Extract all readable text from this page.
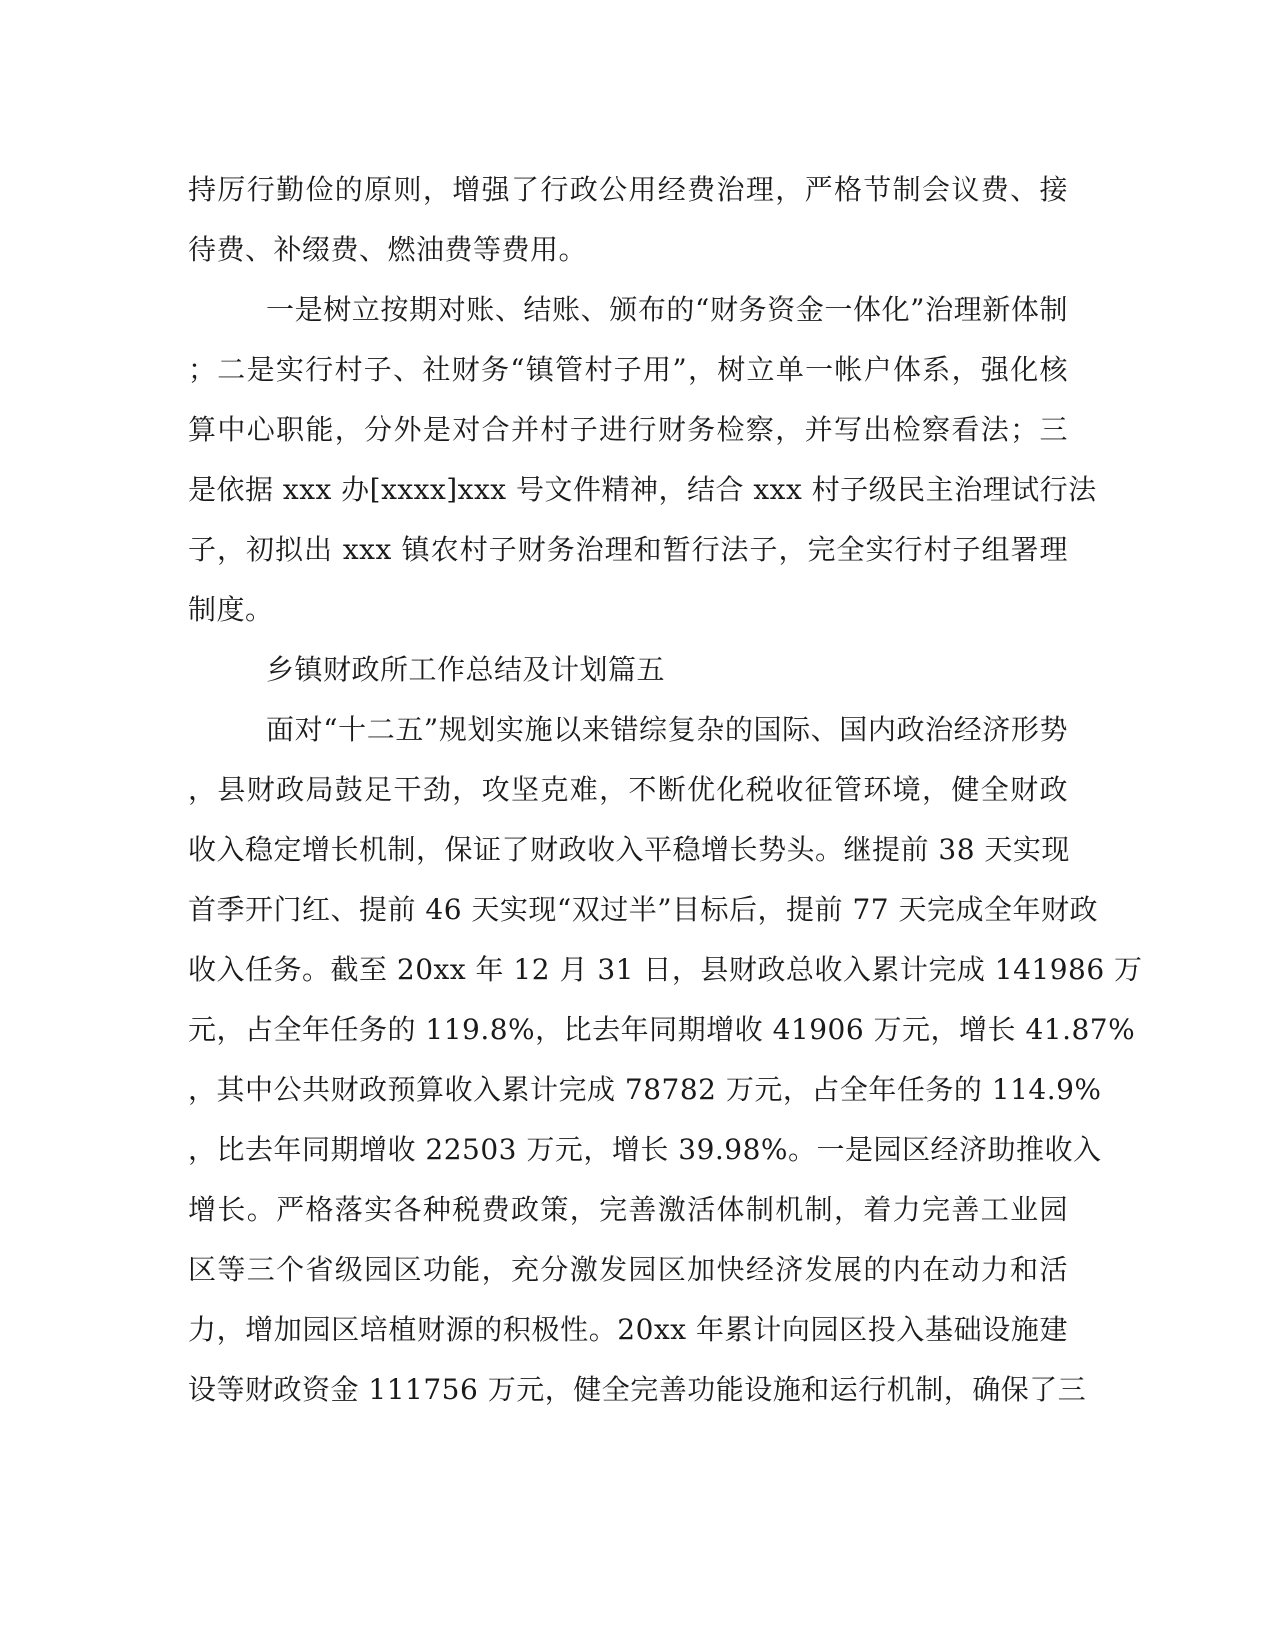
持厉行勤俭的原则，增强了行政公用经费治理，严格节制会议费、接
待费、补缀费、燃油费等费用。
一是树立按期对账、结账、颁布的“财务资金一体化”治理新体制
；二是实行村子、社财务“镇管村子用”，树立单一帐户体系，强化核
算中心职能，分外是对合并村子进行财务检察，并写出检察看法；三
是依据 xxx 办[xxxx]xxx 号文件精神，结合 xxx 村子级民主治理试行法
子，初拟出 xxx 镇农村子财务治理和暂行法子，完全实行村子组署理
制度。
乡镇财政所工作总结及计划篇五
面对“十二五”规划实施以来错综复杂的国际、国内政治经济形势
，县财政局鼓足干劲，攻坚克难，不断优化税收征管环境，健全财政
收入稳定增长机制，保证了财政收入平稳增长势头。继提前 38 天实现
首季开门红、提前 46 天实现“双过半”目标后，提前 77 天完成全年财政
收入任务。截至 20xx 年 12 月 31 日，县财政总收入累计完成 141986 万
元，占全年任务的 119.8%，比去年同期增收 41906 万元，增长 41.87%
，其中公共财政预算收入累计完成 78782 万元，占全年任务的 114.9%
，比去年同期增收 22503 万元，增长 39.98%。一是园区经济助推收入
增长。严格落实各种税费政策，完善激活体制机制，着力完善工业园
区等三个省级园区功能，充分激发园区加快经济发展的内在动力和活
力，增加园区培植财源的积极性。20xx 年累计向园区投入基础设施建
设等财政资金 111756 万元，健全完善功能设施和运行机制，确保了三
